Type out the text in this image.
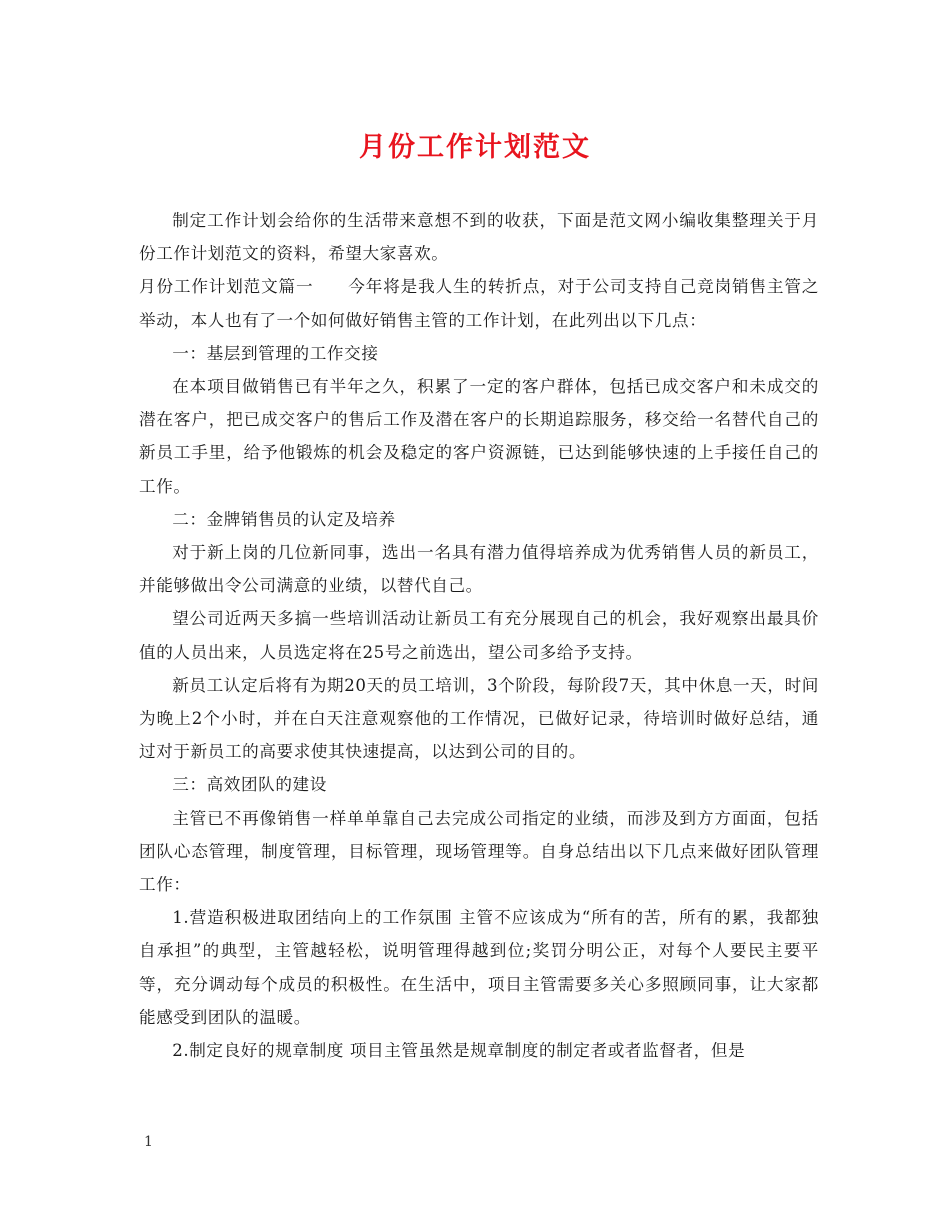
月份工作计划范文

制定工作计划会给你的生活带来意想不到的收获，下面是范文网小编收集整理关于月份工作计划范文的资料，希望大家喜欢。

月份工作计划范文篇一　　今年将是我人生的转折点，对于公司支持自己竞岗销售主管之举动，本人也有了一个如何做好销售主管的工作计划，在此列出以下几点：

一：基层到管理的工作交接

在本项目做销售已有半年之久，积累了一定的客户群体，包括已成交客户和未成交的潜在客户，把已成交客户的售后工作及潜在客户的长期追踪服务，移交给一名替代自己的新员工手里，给予他锻炼的机会及稳定的客户资源链，已达到能够快速的上手接任自己的工作。

二：金牌销售员的认定及培养

对于新上岗的几位新同事，选出一名具有潜力值得培养成为优秀销售人员的新员工，并能够做出令公司满意的业绩，以替代自己。

望公司近两天多搞一些培训活动让新员工有充分展现自己的机会，我好观察出最具价值的人员出来，人员选定将在25号之前选出，望公司多给予支持。

新员工认定后将有为期20天的员工培训，3个阶段，每阶段7天，其中休息一天，时间为晚上2个小时，并在白天注意观察他的工作情况，已做好记录，待培训时做好总结，通过对于新员工的高要求使其快速提高，以达到公司的目的。

三：高效团队的建设

主管已不再像销售一样单单靠自己去完成公司指定的业绩，而涉及到方方面面，包括团队心态管理，制度管理，目标管理，现场管理等。自身总结出以下几点来做好团队管理工作：

1.营造积极进取团结向上的工作氛围 主管不应该成为“所有的苦，所有的累，我都独自承担”的典型，主管越轻松，说明管理得越到位;奖罚分明公正，对每个人要民主要平等，充分调动每个成员的积极性。在生活中，项目主管需要多关心多照顾同事，让大家都能感受到团队的温暖。

2.制定良好的规章制度 项目主管虽然是规章制度的制定者或者监督者，但是

1
